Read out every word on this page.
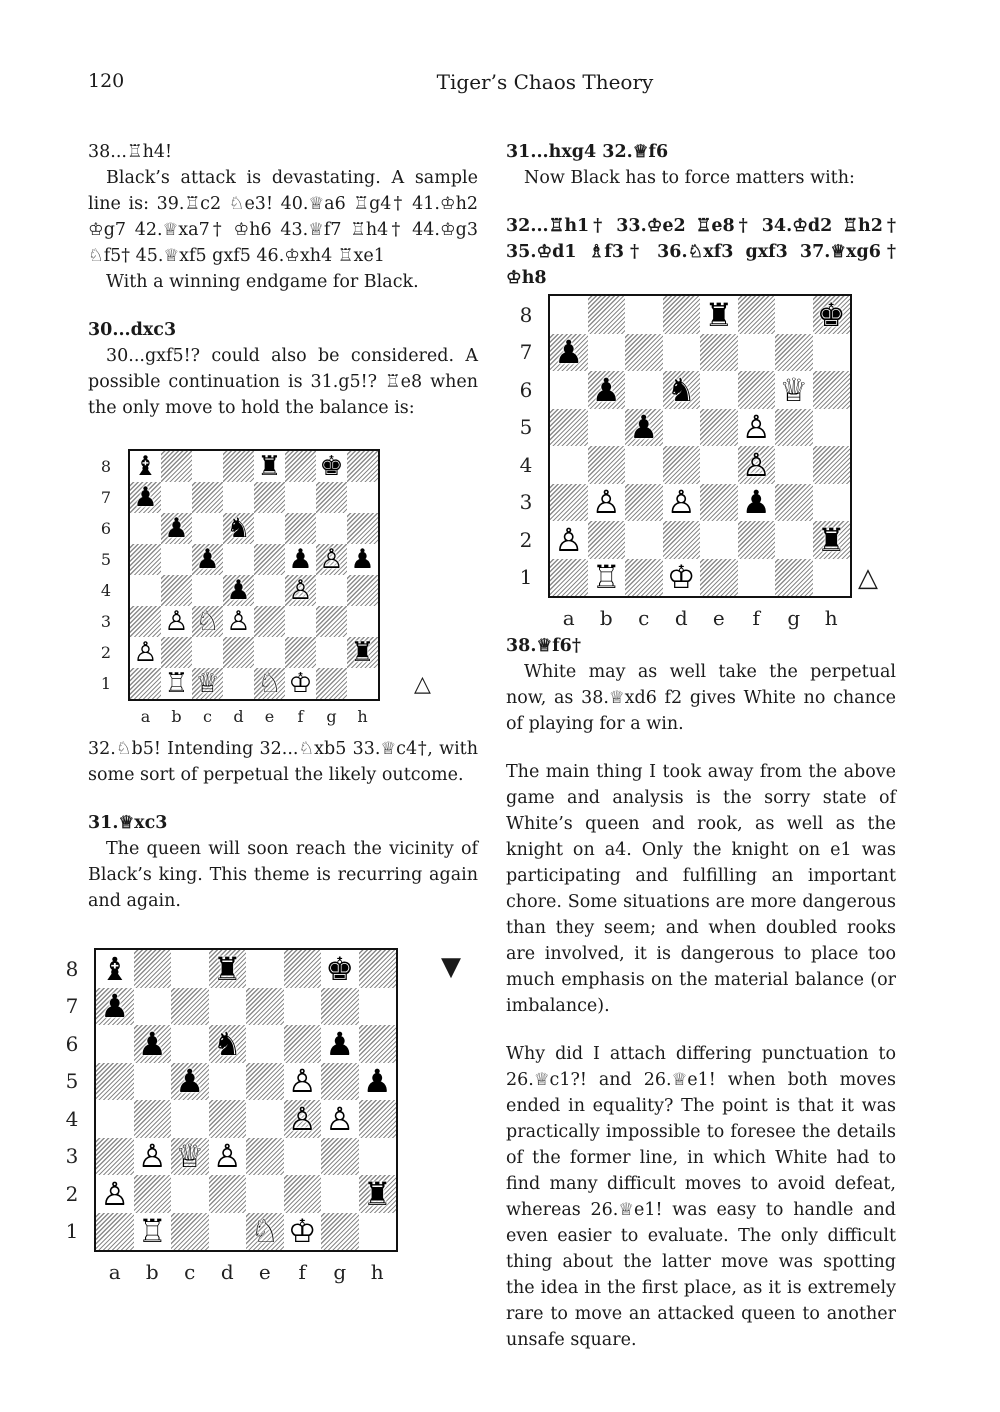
120	Tiger’s Chaos Theory

38...♖h4!

Black’s attack is devastating. A sample line is: 39.♖c2 ♘e3! 40.♕a6 ♖g4† 41.♔h2 ♔g7 42.♕xa7† ♔h6 43.♕f7 ♖h4† 44.♔g3 ♘f5† 45.♕xf5 gxf5 46.♔xh4 ♖xe1

With a winning endgame for Black.

30...dxc3

30...gxf5!? could also be considered. A possible continuation is 31.g5!? ♖e8 when the only move to hold the balance is:

♝	♜ ♚
♟
♟ ♞
♟	♟ ♙ ♟
♟ ♙
♙ ♘ ♙
♙	♜
♖ ♕ ♘ ♔
8
7
6
5
4
3
2
1
a	b	c	d	e	f	g	h

32.♘b5! Intending 32...♘xb5 33.♕c4†, with some sort of perpetual the likely outcome.

31.♕xc3

The queen will soon reach the vicinity of Black’s king. This theme is recurring again and again.

♝	♜	♚
♟
♟ ♞	♟
♟	♙ ♟
♙ ♙
♙ ♕ ♙
♙	♜
♖	♘ ♔
8
7
6
5
4
3
2
1
a	b	c	d	e	f	g	h

31...hxg4 32.♕f6

Now Black has to force matters with:

32...♖h1† 33.♔e2 ♖e8† 34.♔d2 ♖h2† 35.♔d1 ♗f3† 36.♘xf3 gxf3 37.♕xg6† ♔h8

♜	♚
♟
♟ ♞	♕
♟	♙
♙
♙ ♙ ♟
♙	♜
♖ ♔
8
7
6
5
4
3
2
1
a	b	c	d	e	f	g	h

38.♕f6†

White may as well take the perpetual now, as 38.♕xd6 f2 gives White no chance of playing for a win.

The main thing I took away from the above game and analysis is the sorry state of White’s queen and rook, as well as the knight on a4. Only the knight on e1 was participating and fulfilling an important chore. Some situations are more dangerous than they seem; and when doubled rooks are involved, it is dangerous to place too much emphasis on the material balance (or imbalance).

Why did I attach differing punctuation to 26.♕c1?! and 26.♕e1! when both moves ended in equality? The point is that it was practically impossible to foresee the details of the former line, in which White had to find many difficult moves to avoid defeat, whereas 26.♕e1! was easy to handle and even easier to evaluate. The only difficult thing about the latter move was spotting the idea in the first place, as it is extremely rare to move an attacked queen to another unsafe square.

△
▼
△
